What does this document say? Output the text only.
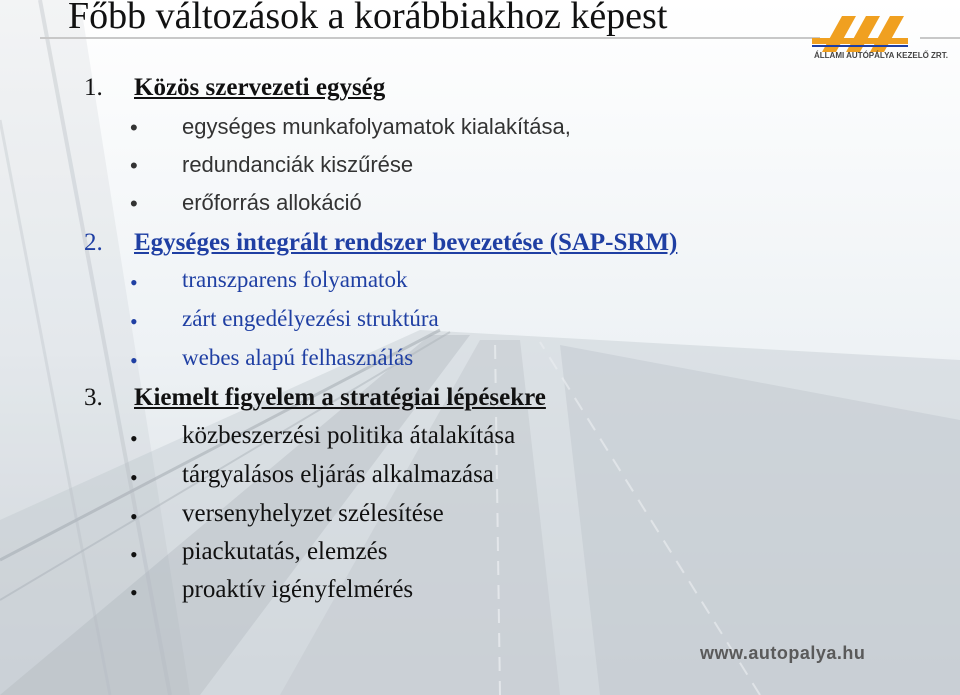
Főbb változások a korábbiakhoz képest
ÁLLAMI AUTÓPÁLYA KEZELŐ ZRT.
1. Közös szervezeti egység
• egységes munkafolyamatok kialakítása,
• redundanciák kiszűrése
• erőforrás allokáció
2. Egységes integrált rendszer bevezetése (SAP-SRM)
• transzparens folyamatok
• zárt engedélyezési struktúra
• webes alapú felhasználás
3. Kiemelt figyelem a stratégiai lépésekre
• közbeszerzési politika átalakítása
• tárgyalásos eljárás alkalmazása
• versenyhelyzet szélesítése
• piackutatás, elemzés
• proaktív igényfelmérés
www.autopalya.hu
